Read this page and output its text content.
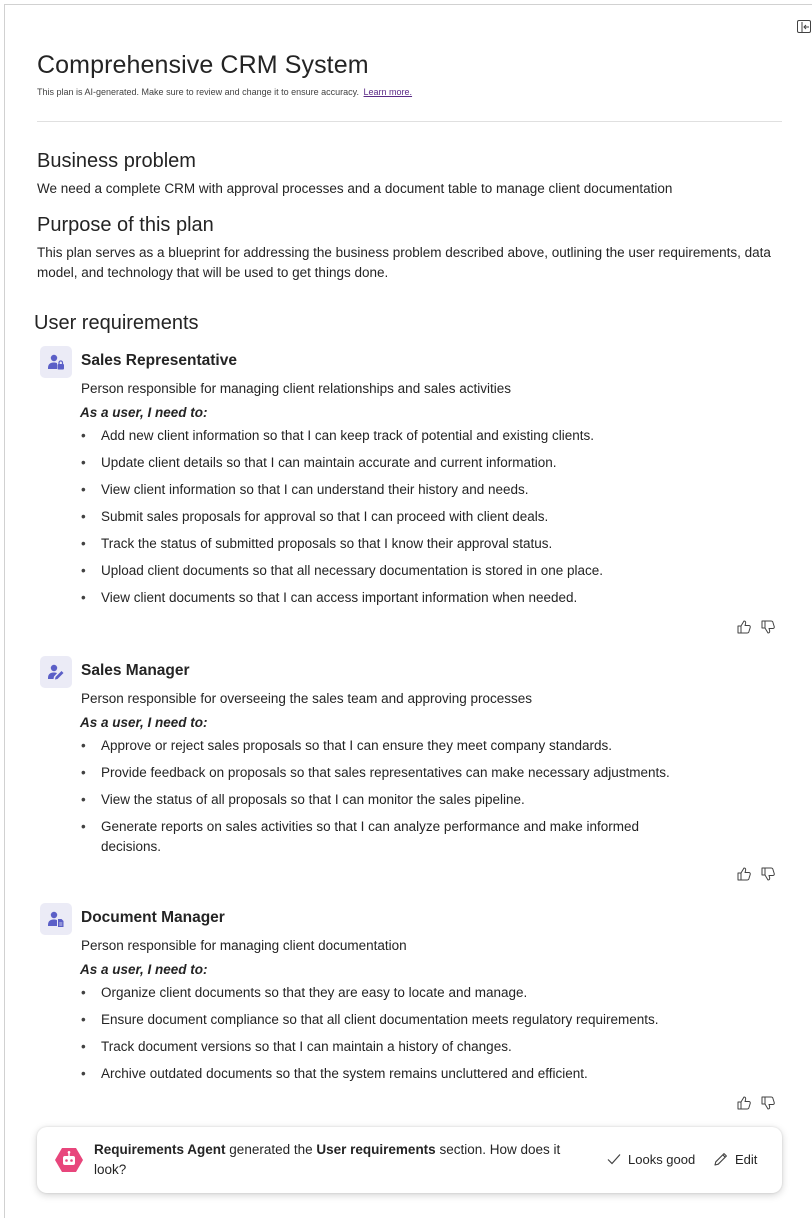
Comprehensive CRM System
This plan is AI-generated. Make sure to review and change it to ensure accuracy. Learn more.
Business problem

We need a complete CRM with approval processes and a document table to manage client documentation

Purpose of this plan

This plan serves as a blueprint for addressing the business problem described above, outlining the user requirements, data model, and technology that will be used to get things done.

User requirements
Sales Representative
Person responsible for managing client relationships and sales activities
As a user, I need to:
• Add new client information so that I can keep track of potential and existing clients.
• Update client details so that I can maintain accurate and current information.
• View client information so that I can understand their history and needs.
• Submit sales proposals for approval so that I can proceed with client deals.
• Track the status of submitted proposals so that I know their approval status.
• Upload client documents so that all necessary documentation is stored in one place.
• View client documents so that I can access important information when needed.
Sales Manager
Person responsible for overseeing the sales team and approving processes
As a user, I need to:
• Approve or reject sales proposals so that I can ensure they meet company standards.
• Provide feedback on proposals so that sales representatives can make necessary adjustments.
• View the status of all proposals so that I can monitor the sales pipeline.
• Generate reports on sales activities so that I can analyze performance and make informed decisions.
Document Manager
Person responsible for managing client documentation
As a user, I need to:
• Organize client documents so that they are easy to locate and manage.
• Ensure document compliance so that all client documentation meets regulatory requirements.
• Track document versions so that I can maintain a history of changes.
• Archive outdated documents so that the system remains uncluttered and efficient.
Requirements Agent generated the User requirements section. How does it look?
Looks good	Edit
